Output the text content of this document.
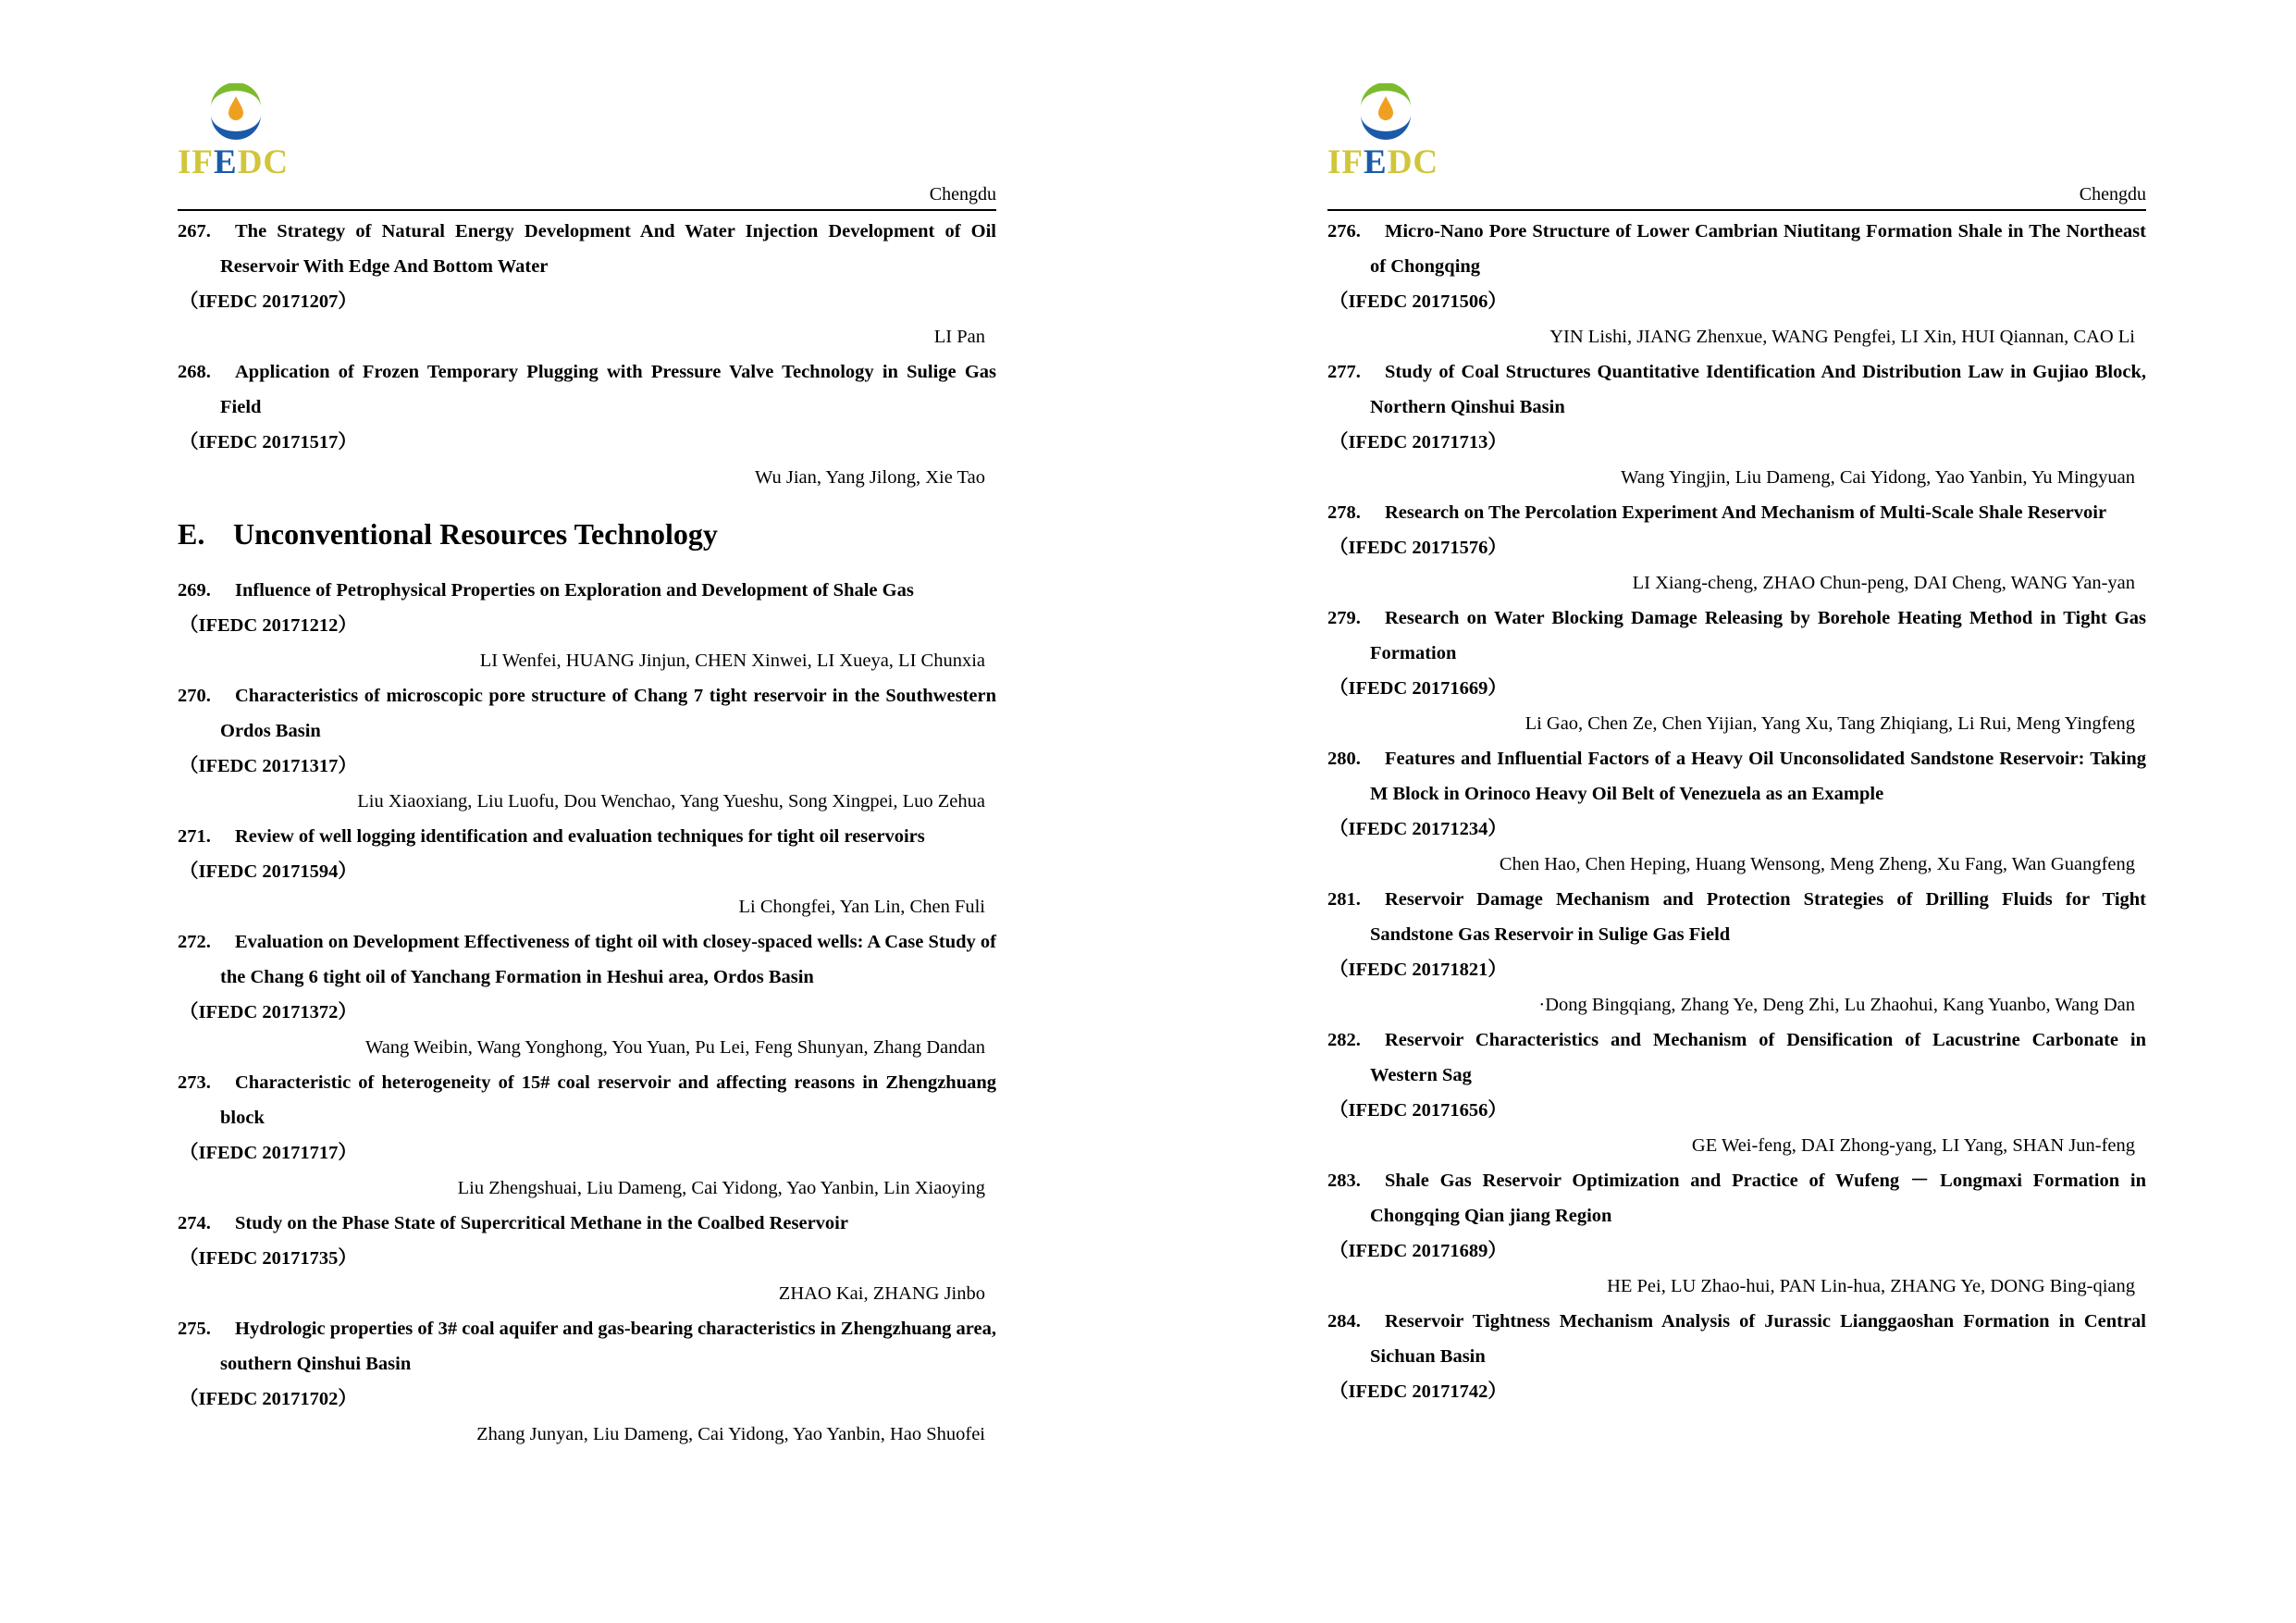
IFEDC
Chengdu

267. The Strategy of Natural Energy Development And Water Injection Development of Oil Reservoir With Edge And Bottom Water

（IFEDC 20171207）

LI Pan

268. Application of Frozen Temporary Plugging with Pressure Valve Technology in Sulige Gas Field

（IFEDC 20171517）

Wu Jian, Yang Jilong, Xie Tao

E. Unconventional Resources Technology

269. Influence of Petrophysical Properties on Exploration and Development of Shale Gas

（IFEDC 20171212）

LI Wenfei, HUANG Jinjun, CHEN Xinwei, LI Xueya, LI Chunxia

270. Characteristics of microscopic pore structure of Chang 7 tight reservoir in the Southwestern Ordos Basin

（IFEDC 20171317）

Liu Xiaoxiang, Liu Luofu, Dou Wenchao, Yang Yueshu, Song Xingpei, Luo Zehua

271. Review of well logging identification and evaluation techniques for tight oil reservoirs

（IFEDC 20171594）

Li Chongfei, Yan Lin, Chen Fuli

272. Evaluation on Development Effectiveness of tight oil with closey-spaced wells: A Case Study of the Chang 6 tight oil of Yanchang Formation in Heshui area, Ordos Basin

（IFEDC 20171372）

Wang Weibin, Wang Yonghong, You Yuan, Pu Lei, Feng Shunyan, Zhang Dandan

273. Characteristic of heterogeneity of 15# coal reservoir and affecting reasons in Zhengzhuang block

（IFEDC 20171717）

Liu Zhengshuai, Liu Dameng, Cai Yidong, Yao Yanbin, Lin Xiaoying

274. Study on the Phase State of Supercritical Methane in the Coalbed Reservoir

（IFEDC 20171735）

ZHAO Kai, ZHANG Jinbo

275. Hydrologic properties of 3# coal aquifer and gas-bearing characteristics in Zhengzhuang area, southern Qinshui Basin

（IFEDC 20171702）

Zhang Junyan, Liu Dameng, Cai Yidong, Yao Yanbin, Hao Shuofei

IFEDC
Chengdu

276. Micro-Nano Pore Structure of Lower Cambrian Niutitang Formation Shale in The Northeast of Chongqing

（IFEDC 20171506）

YIN Lishi, JIANG Zhenxue, WANG Pengfei, LI Xin, HUI Qiannan, CAO Li

277. Study of Coal Structures Quantitative Identification And Distribution Law in Gujiao Block, Northern Qinshui Basin

（IFEDC 20171713）

Wang Yingjin, Liu Dameng, Cai Yidong, Yao Yanbin, Yu Mingyuan

278. Research on The Percolation Experiment And Mechanism of Multi-Scale Shale Reservoir

（IFEDC 20171576）

LI Xiang-cheng, ZHAO Chun-peng, DAI Cheng, WANG Yan-yan

279. Research on Water Blocking Damage Releasing by Borehole Heating Method in Tight Gas Formation

（IFEDC 20171669）

Li Gao, Chen Ze, Chen Yijian, Yang Xu, Tang Zhiqiang, Li Rui, Meng Yingfeng

280. Features and Influential Factors of a Heavy Oil Unconsolidated Sandstone Reservoir: Taking M Block in Orinoco Heavy Oil Belt of Venezuela as an Example

（IFEDC 20171234）

Chen Hao, Chen Heping, Huang Wensong, Meng Zheng, Xu Fang, Wan Guangfeng

281. Reservoir Damage Mechanism and Protection Strategies of Drilling Fluids for Tight Sandstone Gas Reservoir in Sulige Gas Field

（IFEDC 20171821）

·Dong Bingqiang, Zhang Ye, Deng Zhi, Lu Zhaohui, Kang Yuanbo, Wang Dan

282. Reservoir Characteristics and Mechanism of Densification of Lacustrine Carbonate in Western Sag

（IFEDC 20171656）

GE Wei-feng, DAI Zhong-yang, LI Yang, SHAN Jun-feng

283. Shale Gas Reservoir Optimization and Practice of Wufeng － Longmaxi Formation in Chongqing Qian jiang Region

（IFEDC 20171689）

HE Pei, LU Zhao-hui, PAN Lin-hua, ZHANG Ye, DONG Bing-qiang

284. Reservoir Tightness Mechanism Analysis of Jurassic Lianggaoshan Formation in Central Sichuan Basin

（IFEDC 20171742）
